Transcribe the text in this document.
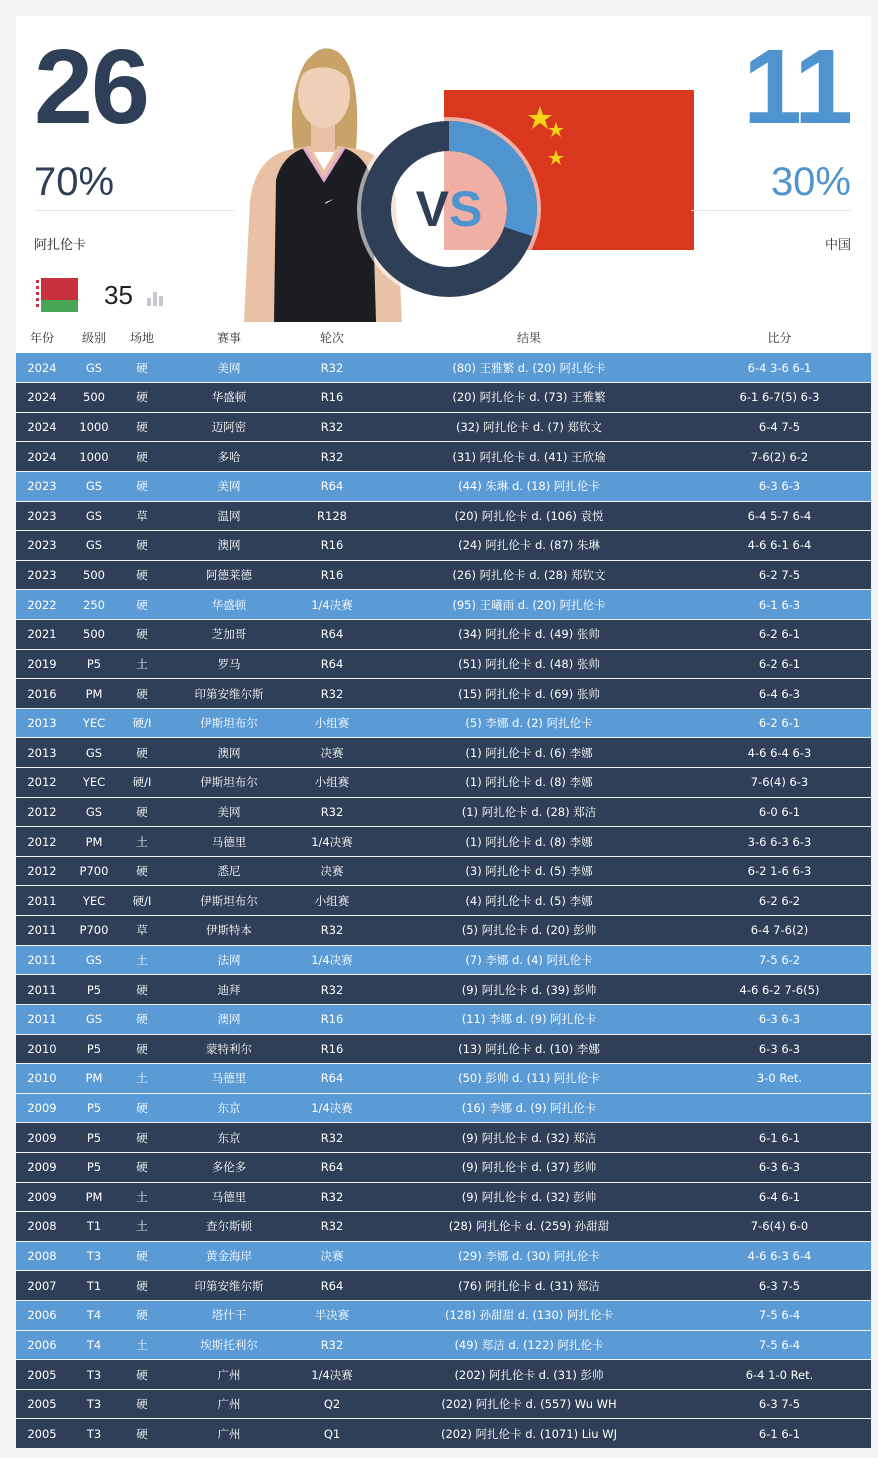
26
70%
阿扎伦卡
35
VS
11
30%
中国
年份	级别	场地	赛事	轮次	结果	比分
2024	GS	硬	美网	R32	(80) 王雅繁 d. (20) 阿扎伦卡	6-4 3-6 6-1
2024	500	硬	华盛顿	R16	(20) 阿扎伦卡 d. (73) 王雅繁	6-1 6-7(5) 6-3
2024	1000	硬	迈阿密	R32	(32) 阿扎伦卡 d. (7) 郑钦文	6-4 7-5
2024	1000	硬	多哈	R32	(31) 阿扎伦卡 d. (41) 王欣瑜	7-6(2) 6-2
2023	GS	硬	美网	R64	(44) 朱琳 d. (18) 阿扎伦卡	6-3 6-3
2023	GS	草	温网	R128	(20) 阿扎伦卡 d. (106) 袁悦	6-4 5-7 6-4
2023	GS	硬	澳网	R16	(24) 阿扎伦卡 d. (87) 朱琳	4-6 6-1 6-4
2023	500	硬	阿德莱德	R16	(26) 阿扎伦卡 d. (28) 郑钦文	6-2 7-5
2022	250	硬	华盛顿	1/4决赛	(95) 王曦雨 d. (20) 阿扎伦卡	6-1 6-3
2021	500	硬	芝加哥	R64	(34) 阿扎伦卡 d. (49) 张帅	6-2 6-1
2019	P5	土	罗马	R64	(51) 阿扎伦卡 d. (48) 张帅	6-2 6-1
2016	PM	硬	印第安维尔斯	R32	(15) 阿扎伦卡 d. (69) 张帅	6-4 6-3
2013	YEC	硬/I	伊斯坦布尔	小组赛	(5) 李娜 d. (2) 阿扎伦卡	6-2 6-1
2013	GS	硬	澳网	决赛	(1) 阿扎伦卡 d. (6) 李娜	4-6 6-4 6-3
2012	YEC	硬/I	伊斯坦布尔	小组赛	(1) 阿扎伦卡 d. (8) 李娜	7-6(4) 6-3
2012	GS	硬	美网	R32	(1) 阿扎伦卡 d. (28) 郑洁	6-0 6-1
2012	PM	土	马德里	1/4决赛	(1) 阿扎伦卡 d. (8) 李娜	3-6 6-3 6-3
2012	P700	硬	悉尼	决赛	(3) 阿扎伦卡 d. (5) 李娜	6-2 1-6 6-3
2011	YEC	硬/I	伊斯坦布尔	小组赛	(4) 阿扎伦卡 d. (5) 李娜	6-2 6-2
2011	P700	草	伊斯特本	R32	(5) 阿扎伦卡 d. (20) 彭帅	6-4 7-6(2)
2011	GS	土	法网	1/4决赛	(7) 李娜 d. (4) 阿扎伦卡	7-5 6-2
2011	P5	硬	迪拜	R32	(9) 阿扎伦卡 d. (39) 彭帅	4-6 6-2 7-6(5)
2011	GS	硬	澳网	R16	(11) 李娜 d. (9) 阿扎伦卡	6-3 6-3
2010	P5	硬	蒙特利尔	R16	(13) 阿扎伦卡 d. (10) 李娜	6-3 6-3
2010	PM	土	马德里	R64	(50) 彭帅 d. (11) 阿扎伦卡	3-0 Ret.
2009	P5	硬	东京	1/4决赛	(16) 李娜 d. (9) 阿扎伦卡	
2009	P5	硬	东京	R32	(9) 阿扎伦卡 d. (32) 郑洁	6-1 6-1
2009	P5	硬	多伦多	R64	(9) 阿扎伦卡 d. (37) 彭帅	6-3 6-3
2009	PM	土	马德里	R32	(9) 阿扎伦卡 d. (32) 彭帅	6-4 6-1
2008	T1	土	查尔斯顿	R32	(28) 阿扎伦卡 d. (259) 孙甜甜	7-6(4) 6-0
2008	T3	硬	黄金海岸	决赛	(29) 李娜 d. (30) 阿扎伦卡	4-6 6-3 6-4
2007	T1	硬	印第安维尔斯	R64	(76) 阿扎伦卡 d. (31) 郑洁	6-3 7-5
2006	T4	硬	塔什干	半决赛	(128) 孙甜甜 d. (130) 阿扎伦卡	7-5 6-4
2006	T4	土	埃斯托利尔	R32	(49) 郑洁 d. (122) 阿扎伦卡	7-5 6-4
2005	T3	硬	广州	1/4决赛	(202) 阿扎伦卡 d. (31) 彭帅	6-4 1-0 Ret.
2005	T3	硬	广州	Q2	(202) 阿扎伦卡 d. (557) Wu WH	6-3 7-5
2005	T3	硬	广州	Q1	(202) 阿扎伦卡 d. (1071) Liu WJ	6-1 6-1
